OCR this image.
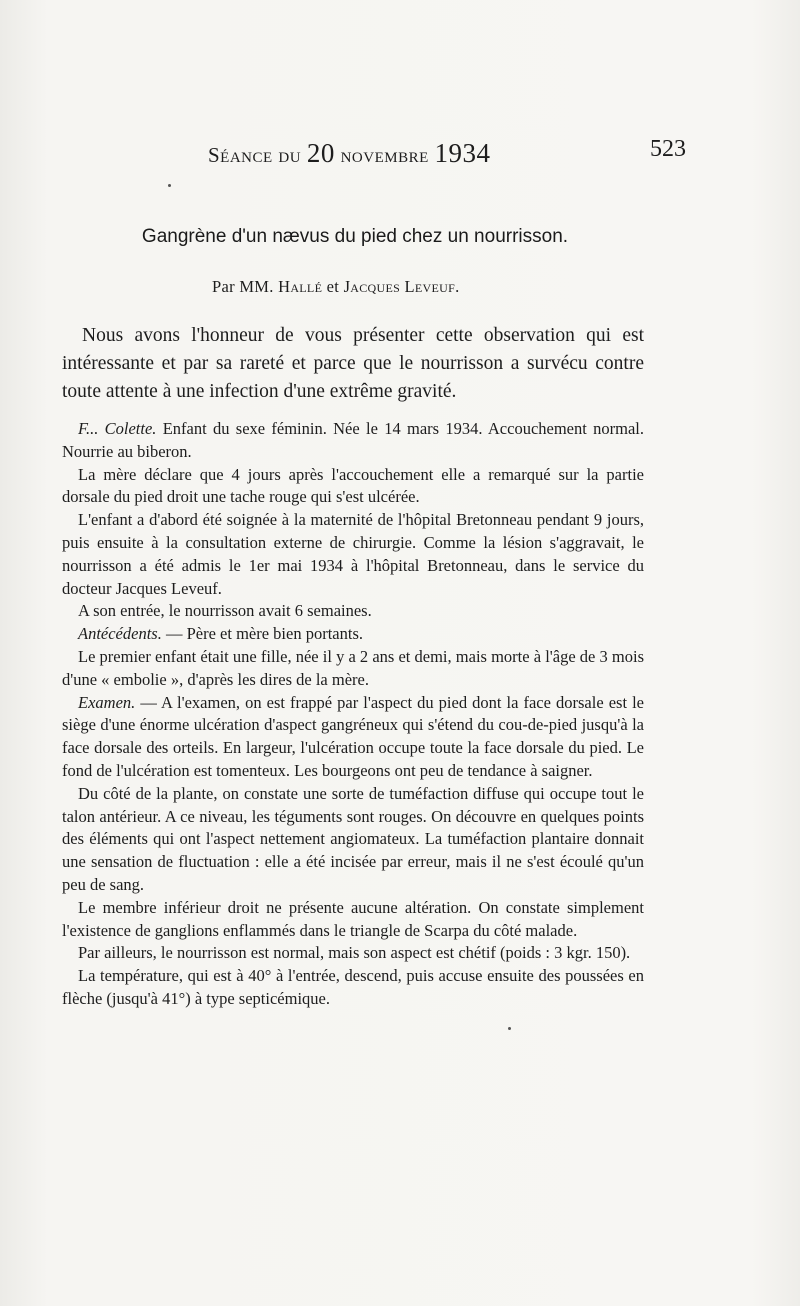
Séance du 20 novembre 1934	523
Gangrène d'un nævus du pied chez un nourrisson.
Par MM. Hallé et Jacques Leveuf.

Nous avons l'honneur de vous présenter cette observation qui est intéressante et par sa rareté et parce que le nourrisson a survécu contre toute attente à une infection d'une extrême gravité.

F... Colette. Enfant du sexe féminin. Née le 14 mars 1934. Accouchement normal. Nourrie au biberon.

La mère déclare que 4 jours après l'accouchement elle a remarqué sur la partie dorsale du pied droit une tache rouge qui s'est ulcérée.

L'enfant a d'abord été soignée à la maternité de l'hôpital Bretonneau pendant 9 jours, puis ensuite à la consultation externe de chirurgie. Comme la lésion s'aggravait, le nourrisson a été admis le 1er mai 1934 à l'hôpital Bretonneau, dans le service du docteur Jacques Leveuf.

A son entrée, le nourrisson avait 6 semaines.

Antécédents. — Père et mère bien portants.

Le premier enfant était une fille, née il y a 2 ans et demi, mais morte à l'âge de 3 mois d'une « embolie », d'après les dires de la mère.

Examen. — A l'examen, on est frappé par l'aspect du pied dont la face dorsale est le siège d'une énorme ulcération d'aspect gangréneux qui s'étend du cou-de-pied jusqu'à la face dorsale des orteils. En largeur, l'ulcération occupe toute la face dorsale du pied. Le fond de l'ulcération est tomenteux. Les bourgeons ont peu de tendance à saigner.

Du côté de la plante, on constate une sorte de tuméfaction diffuse qui occupe tout le talon antérieur. A ce niveau, les téguments sont rouges. On découvre en quelques points des éléments qui ont l'aspect nettement angiomateux. La tuméfaction plantaire donnait une sensation de fluctuation : elle a été incisée par erreur, mais il ne s'est écoulé qu'un peu de sang.

Le membre inférieur droit ne présente aucune altération. On constate simplement l'existence de ganglions enflammés dans le triangle de Scarpa du côté malade.

Par ailleurs, le nourrisson est normal, mais son aspect est chétif (poids : 3 kgr. 150).

La température, qui est à 40° à l'entrée, descend, puis accuse ensuite des poussées en flèche (jusqu'à 41°) à type septicémique.
